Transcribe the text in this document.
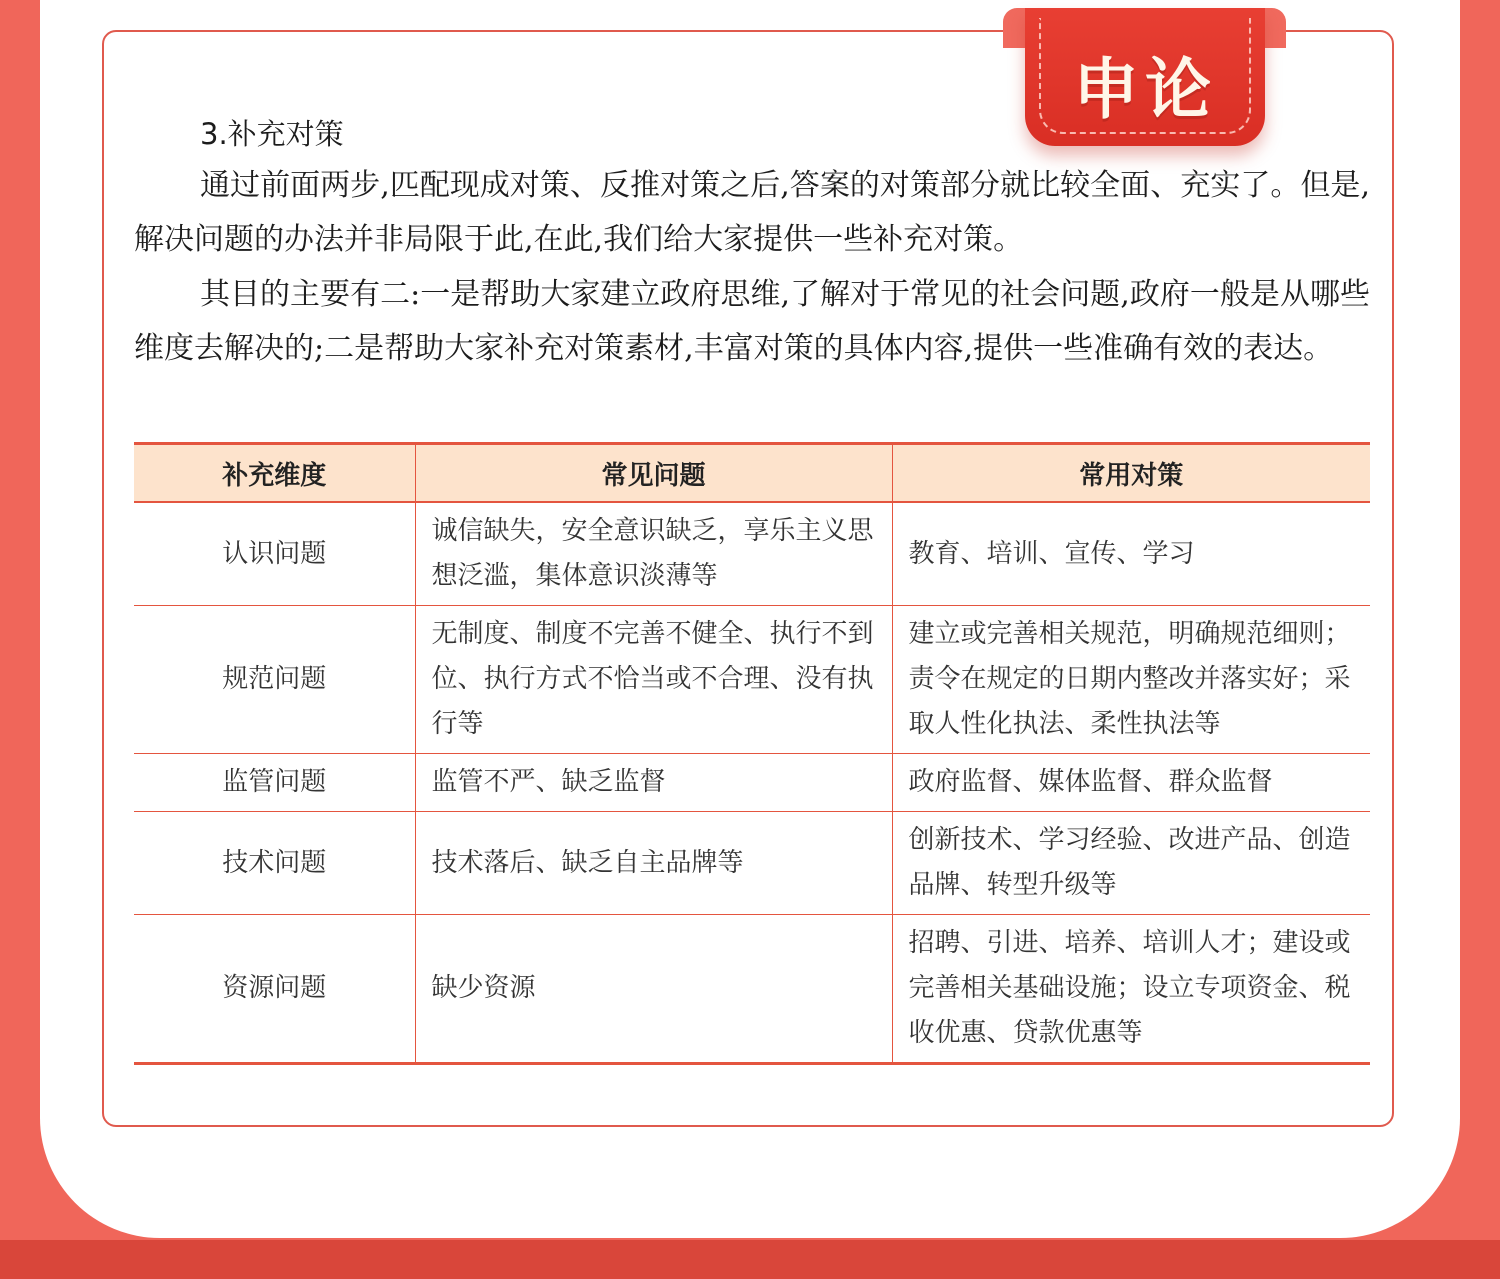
申论
3.补充对策

通过前面两步,匹配现成对策、反推对策之后,答案的对策部分就比较全面、充实了。但是,解决问题的办法并非局限于此,在此,我们给大家提供一些补充对策。

其目的主要有二:一是帮助大家建立政府思维,了解对于常见的社会问题,政府一般是从哪些维度去解决的;二是帮助大家补充对策素材,丰富对策的具体内容,提供一些准确有效的表达。

补充维度	常见问题	常用对策
认识问题	诚信缺失，安全意识缺乏，享乐主义思想泛滥，集体意识淡薄等	教育、培训、宣传、学习
规范问题	无制度、制度不完善不健全、执行不到位、执行方式不恰当或不合理、没有执行等	建立或完善相关规范，明确规范细则；责令在规定的日期内整改并落实好；采取人性化执法、柔性执法等
监管问题	监管不严、缺乏监督	政府监督、媒体监督、群众监督
技术问题	技术落后、缺乏自主品牌等	创新技术、学习经验、改进产品、创造品牌、转型升级等
资源问题	缺少资源	招聘、引进、培养、培训人才；建设或完善相关基础设施；设立专项资金、税收优惠、贷款优惠等
